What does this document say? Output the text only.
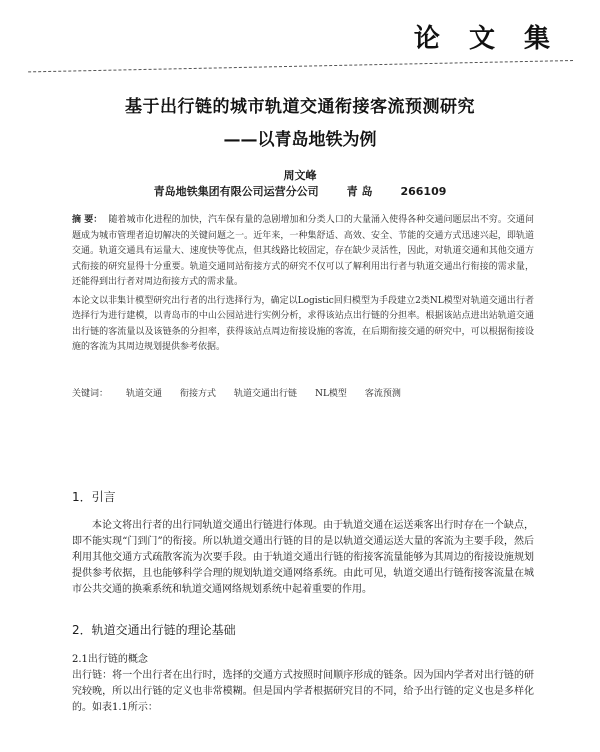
论 文 集
基于出行链的城市轨道交通衔接客流预测研究
——以青岛地铁为例
周文峰
青岛地铁集团有限公司运营分公司	青 岛	266109

摘 要： 随着城市化进程的加快，汽车保有量的急剧增加和分类人口的大量涌入使得各种交通问题层出不穷。交通问题成为城市管理者迫切解决的关键问题之一。近年来，一种集舒适、高效、安全、节能的交通方式迅速兴起，即轨道交通。轨道交通具有运量大、速度快等优点，但其线路比较固定，存在缺少灵活性，因此，对轨道交通和其他交通方式衔接的研究显得十分重要。轨道交通同站衔接方式的研究不仅可以了解利用出行者与轨道交通出行衔接的需求量，还能得到出行者对周边衔接方式的需求量。

本论文以非集计模型研究出行者的出行选择行为，确定以Logistic回归模型为手段建立2类NL模型对轨道交通出行者选择行为进行建模，以青岛市的中山公园站进行实例分析，求得该站点出行链的分担率。根据该站点进出站轨道交通出行链的客流量以及该链条的分担率，获得该站点周边衔接设施的客流，在后期衔接交通的研究中，可以根据衔接设施的客流为其周边规划提供参考依据。

关键词： 轨道交通 衔接方式 轨道交通出行链 NL模型 客流预测
1．引言
本论文将出行者的出行同轨道交通出行链进行体现。由于轨道交通在运送乘客出行时存在一个缺点，即不能实现“门到门”的衔接。所以轨道交通出行链的目的是以轨道交通运送大量的客流为主要手段，然后利用其他交通方式疏散客流为次要手段。由于轨道交通出行链的衔接客流量能够为其周边的衔接设施规划提供参考依据，且也能够科学合理的规划轨道交通网络系统。由此可见，轨道交通出行链衔接客流量在城市公共交通的换乘系统和轨道交通网络规划系统中起着重要的作用。
2．轨道交通出行链的理论基础
2.1出行链的概念
出行链：将一个出行者在出行时，选择的交通方式按照时间顺序形成的链条。因为国内学者对出行链的研究较晚，所以出行链的定义也非常模糊。但是国内学者根据研究目的不同，给予出行链的定义也是多样化的。如表1.1所示：
